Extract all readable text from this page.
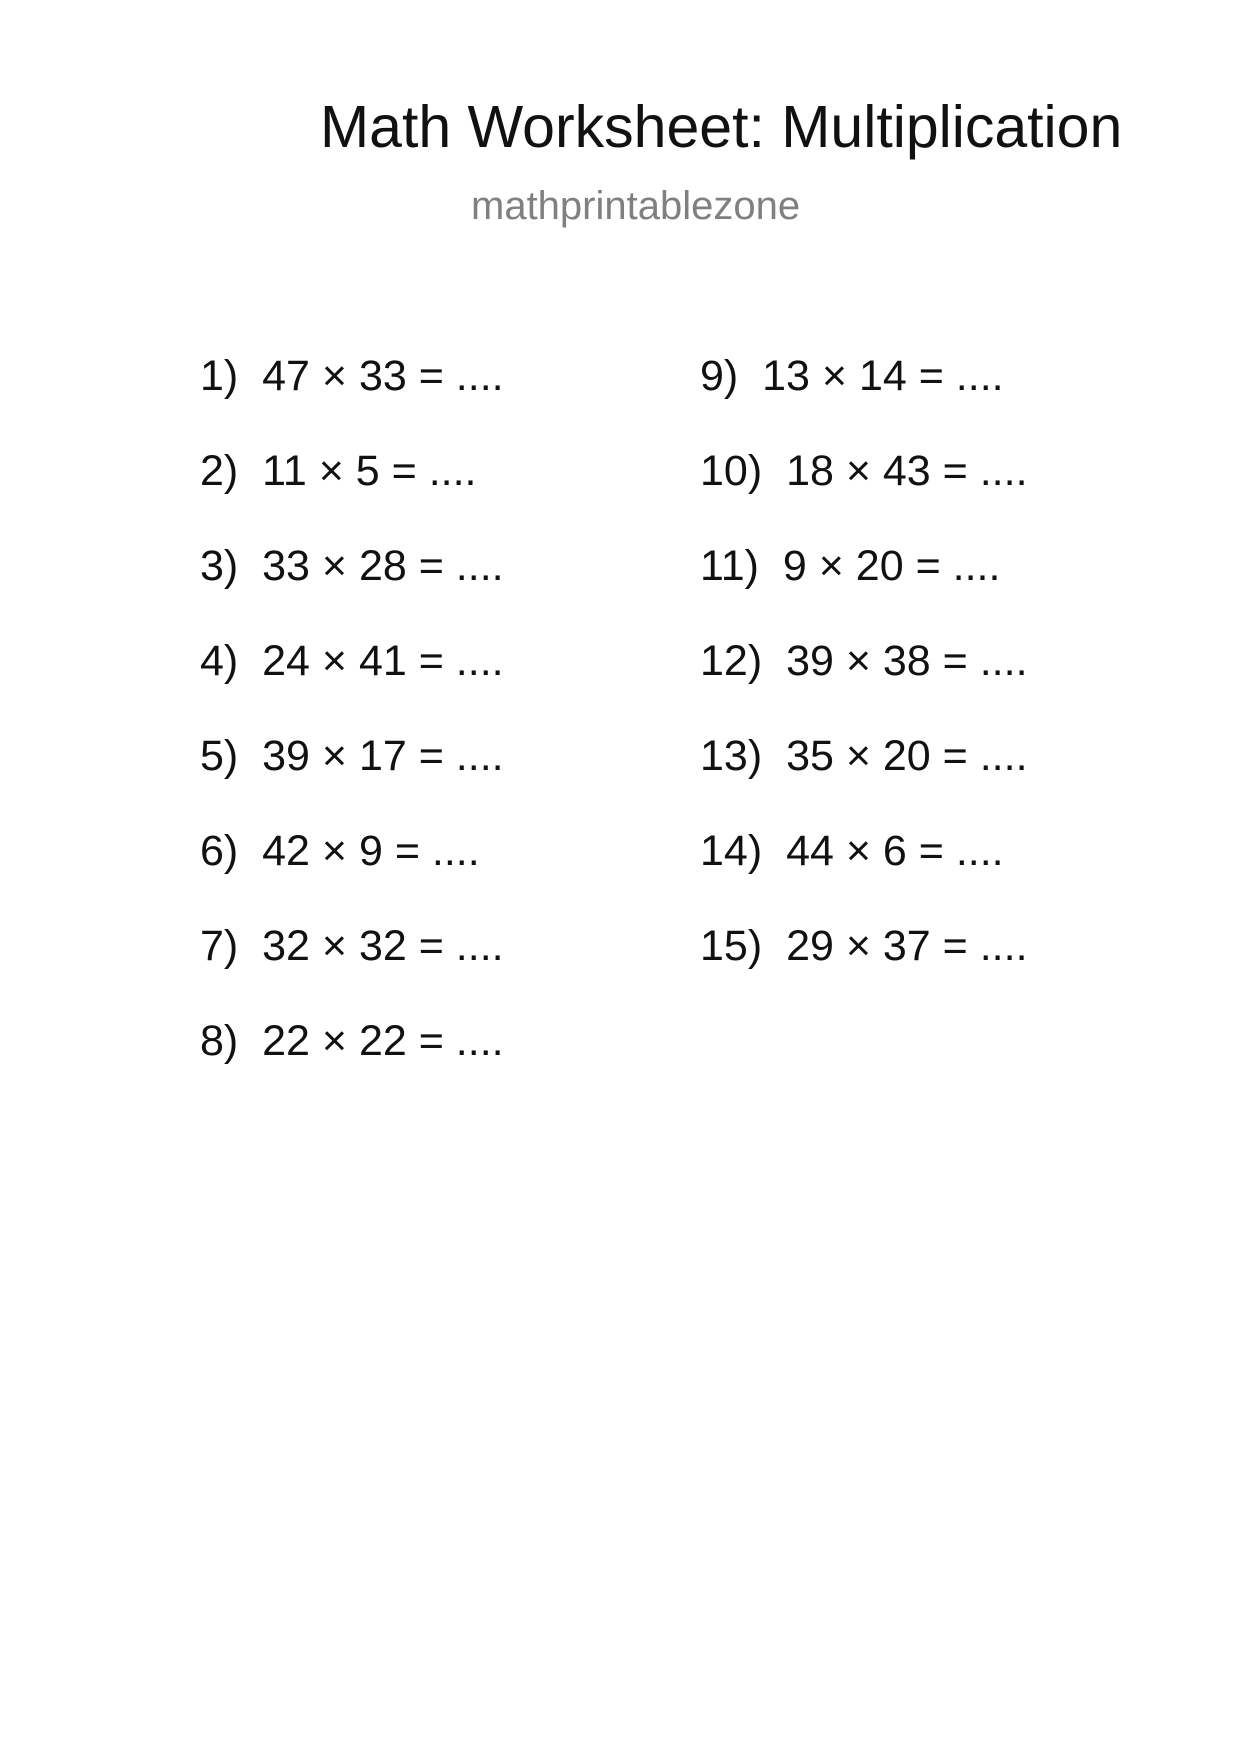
Math Worksheet: Multiplication
mathprintablezone
1) 47 × 33 = ....
2) 11 × 5 = ....
3) 33 × 28 = ....
4) 24 × 41 = ....
5) 39 × 17 = ....
6) 42 × 9 = ....
7) 32 × 32 = ....
8) 22 × 22 = ....
9) 13 × 14 = ....
10) 18 × 43 = ....
11) 9 × 20 = ....
12) 39 × 38 = ....
13) 35 × 20 = ....
14) 44 × 6 = ....
15) 29 × 37 = ....
